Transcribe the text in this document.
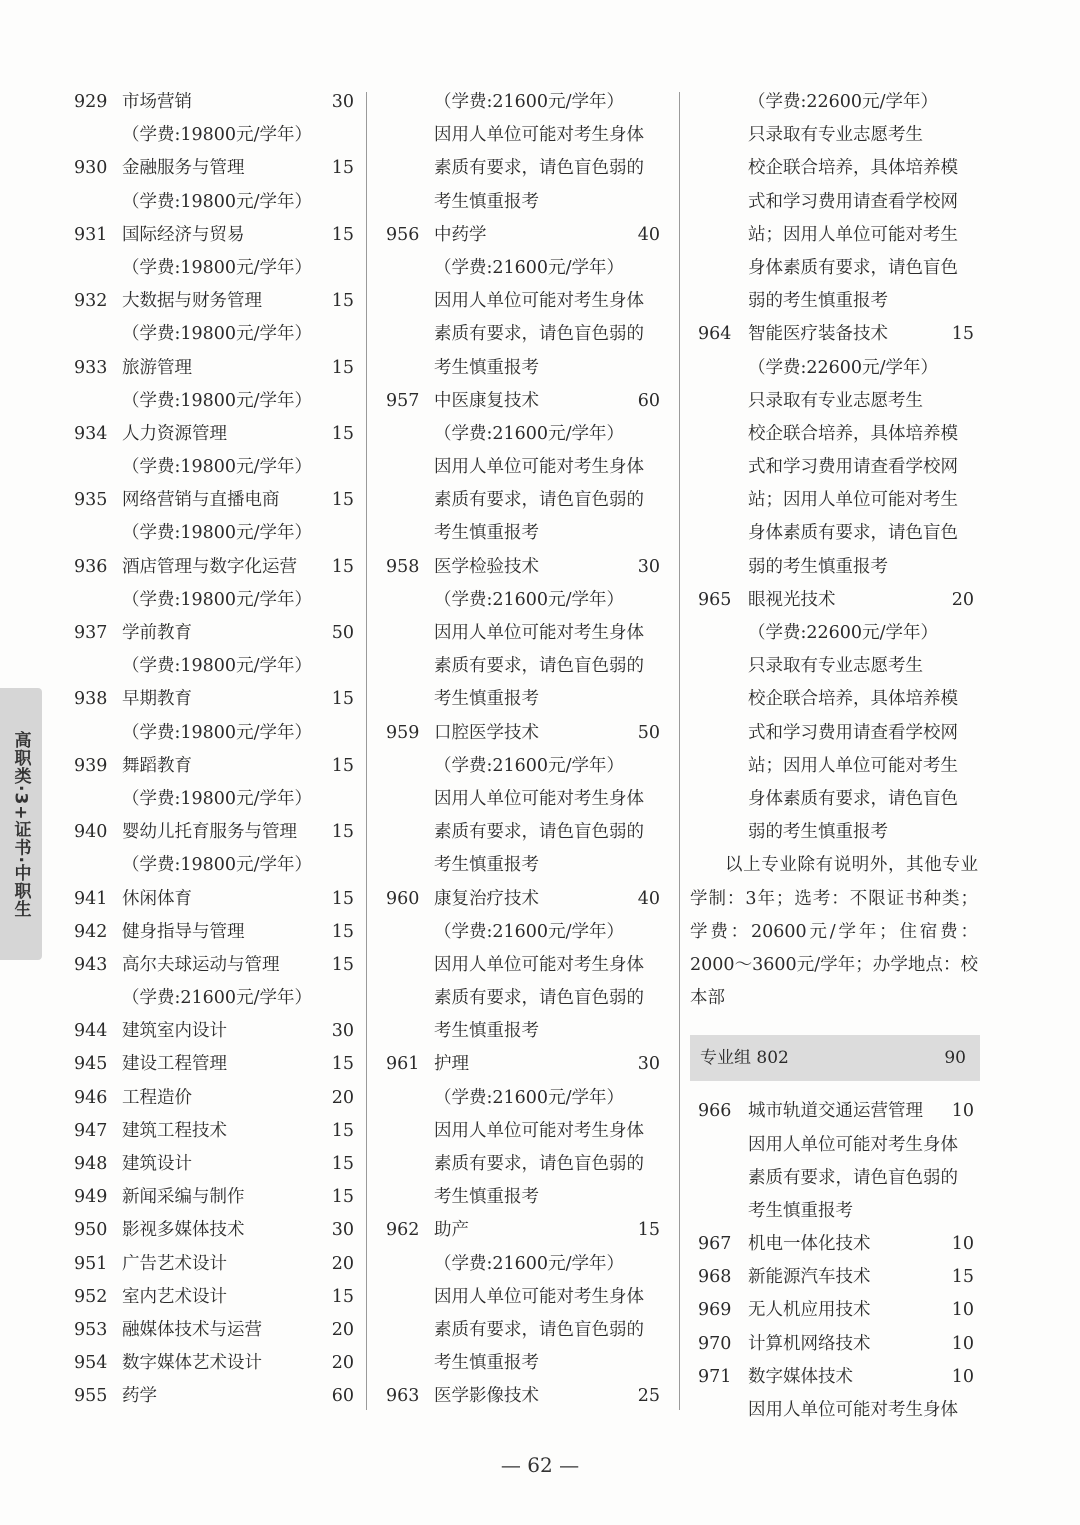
高职类·3+证书·中职生
929 市场营销	30
（学费:19800元/学年）
930 金融服务与管理	15
（学费:19800元/学年）
931 国际经济与贸易	15
（学费:19800元/学年）
932 大数据与财务管理	15
（学费:19800元/学年）
933 旅游管理	15
（学费:19800元/学年）
934 人力资源管理	15
（学费:19800元/学年）
935 网络营销与直播电商	15
（学费:19800元/学年）
936 酒店管理与数字化运营 15
（学费:19800元/学年）
937 学前教育	50
（学费:19800元/学年）
938 早期教育	15
（学费:19800元/学年）
939 舞蹈教育	15
（学费:19800元/学年）
940 婴幼儿托育服务与管理 15
（学费:19800元/学年）
941 休闲体育	15
942 健身指导与管理	15
943 高尔夫球运动与管理	15
（学费:21600元/学年）
944 建筑室内设计	30
945 建设工程管理	15
946 工程造价	20
947 建筑工程技术	15
948 建筑设计	15
949 新闻采编与制作	15
950 影视多媒体技术	30
951 广告艺术设计	20
952 室内艺术设计	15
953 融媒体技术与运营	20
954 数字媒体艺术设计	20
955 药学	60
（学费:21600元/学年）
因用人单位可能对考生身体
素质有要求，请色盲色弱的
考生慎重报考
956 中药学	40
（学费:21600元/学年）
因用人单位可能对考生身体
素质有要求，请色盲色弱的
考生慎重报考
957 中医康复技术	60
（学费:21600元/学年）
因用人单位可能对考生身体
素质有要求，请色盲色弱的
考生慎重报考
958 医学检验技术	30
（学费:21600元/学年）
因用人单位可能对考生身体
素质有要求，请色盲色弱的
考生慎重报考
959 口腔医学技术	50
（学费:21600元/学年）
因用人单位可能对考生身体
素质有要求，请色盲色弱的
考生慎重报考
960 康复治疗技术	40
（学费:21600元/学年）
因用人单位可能对考生身体
素质有要求，请色盲色弱的
考生慎重报考
961 护理	30
（学费:21600元/学年）
因用人单位可能对考生身体
素质有要求，请色盲色弱的
考生慎重报考
962 助产	15
（学费:21600元/学年）
因用人单位可能对考生身体
素质有要求，请色盲色弱的
考生慎重报考
963 医学影像技术	25
（学费:22600元/学年）
只录取有专业志愿考生
校企联合培养，具体培养模
式和学习费用请查看学校网
站；因用人单位可能对考生
身体素质有要求，请色盲色
弱的考生慎重报考
964 智能医疗装备技术	15
（学费:22600元/学年）
只录取有专业志愿考生
校企联合培养，具体培养模
式和学习费用请查看学校网
站；因用人单位可能对考生
身体素质有要求，请色盲色
弱的考生慎重报考
965 眼视光技术	20
（学费:22600元/学年）
只录取有专业志愿考生
校企联合培养，具体培养模
式和学习费用请查看学校网
站；因用人单位可能对考生
身体素质有要求，请色盲色
弱的考生慎重报考

以上专业除有说明外，其他专业学制：3年；选考：不限证书种类；学费：20600元/学年；住宿费：2000～3600元/学年；办学地点：校本部

专业组 802	90
966 城市轨道交通运营管理 10
因用人单位可能对考生身体
素质有要求，请色盲色弱的
考生慎重报考
967 机电一体化技术	10
968 新能源汽车技术	15
969 无人机应用技术	10
970 计算机网络技术	10
971 数字媒体技术	10
因用人单位可能对考生身体
— 62 —
